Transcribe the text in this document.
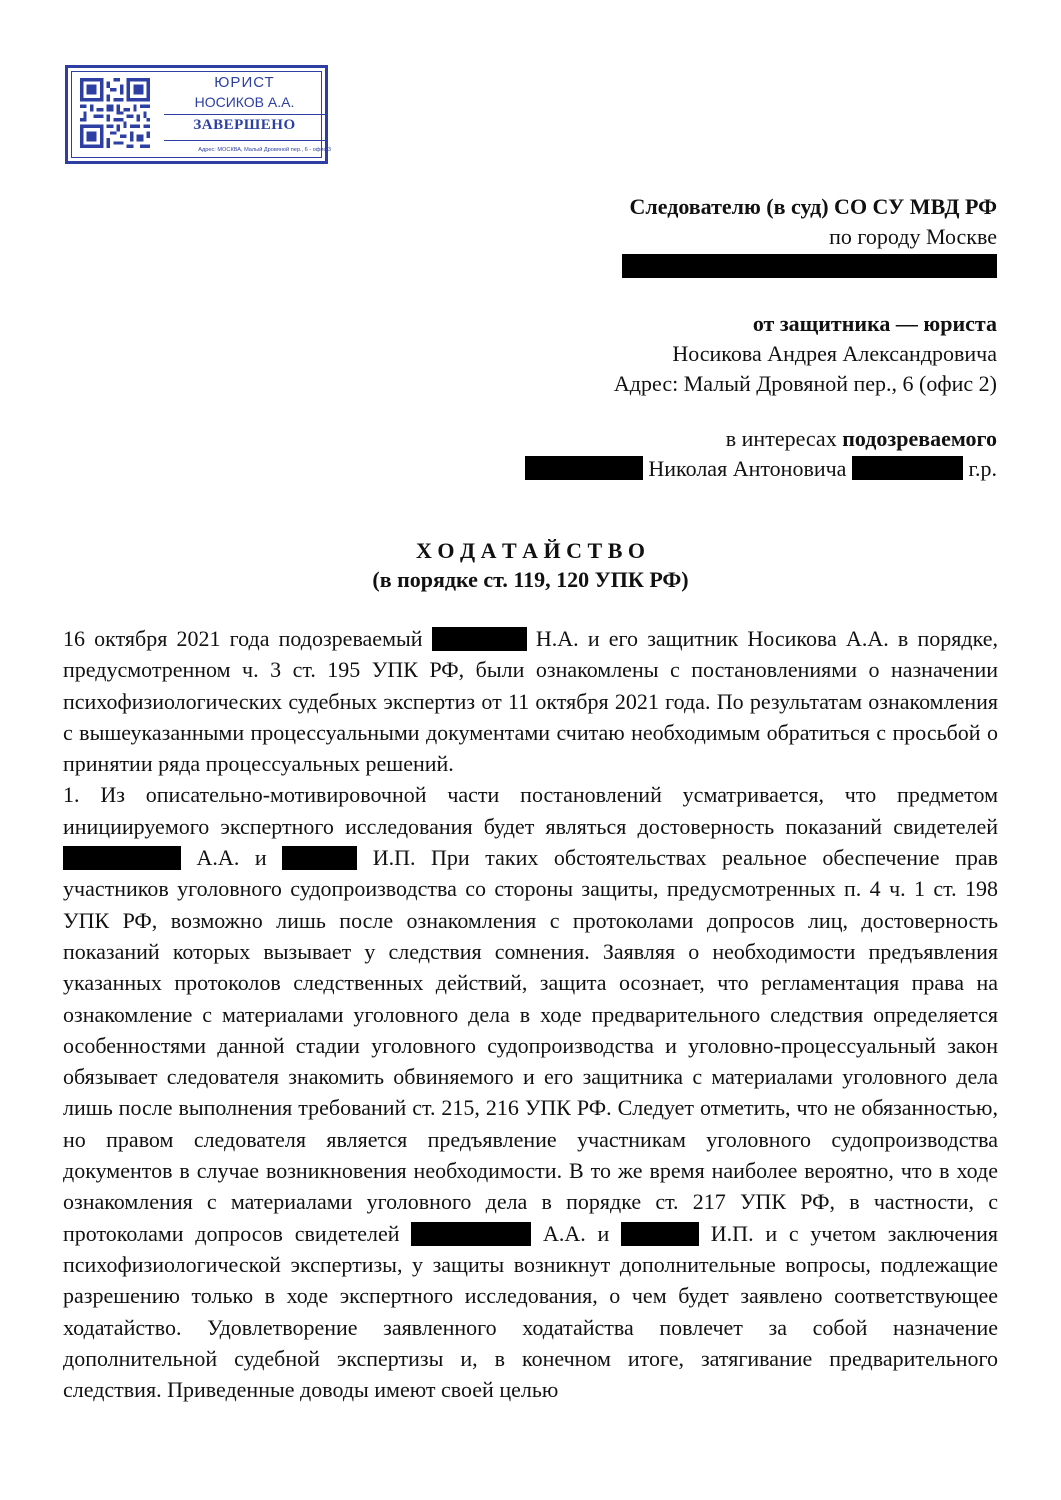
ЮРИСТ
НОСИКОВ А.А.
ЗАВЕРШЕНО
Адрес: МОСКВА, Малый Дровяной пер., 6 - офис 3
Следователю (в суд) СО СУ МВД РФ
по городу Москве
от защитника — юриста
Носикова Андрея Александровича
Адрес: Малый Дровяной пер., 6 (офис 2)
в интересах подозреваемого
Николая Антоновича	г.р.
Х О Д А Т А Й С Т В О
(в порядке ст. 119, 120 УПК РФ)

16 октября 2021 года подозреваемый	Н.А. и его защитник Носикова А.А. в порядке, предусмотренном ч. 3 ст. 195 УПК РФ, были ознакомлены с постановлениями о назначении психофизиологических судебных экспертиз от 11 октября 2021 года. По результатам ознакомления с вышеуказанными процессуальными документами считаю необходимым обратиться с просьбой о принятии ряда процессуальных решений.

1. Из описательно-мотивировочной части постановлений усматривается, что предметом инициируемого экспертного исследования будет являться достоверность показаний свидетелей  А.А. и	И.П. При таких обстоятельствах реальное обеспечение прав участников уголовного судопроизводства со стороны защиты, предусмотренных п. 4 ч. 1 ст. 198 УПК РФ, возможно лишь после ознакомления с протоколами допросов лиц, достоверность показаний которых вызывает у следствия сомнения. Заявляя о необходимости предъявления указанных протоколов следственных действий, защита осознает, что регламентация права на ознакомление с материалами уголовного дела в ходе предварительного следствия определяется особенностями данной стадии уголовного судопроизводства и уголовно-процессуальный закон обязывает следователя знакомить обвиняемого и его защитника с материалами уголовного дела лишь после выполнения требований ст. 215, 216 УПК РФ. Следует отметить, что не обязанностью, но правом следователя является предъявление участникам уголовного судопроизводства документов в случае возникновения необходимости. В то же время наиболее вероятно, что в ходе ознакомления с материалами уголовного дела в порядке ст. 217 УПК РФ, в частности, с протоколами допросов свидетелей	А.А. и	И.П. и с учетом заключения психофизиологической экспертизы, у защиты возникнут дополнительные вопросы, подлежащие разрешению только в ходе экспертного исследования, о чем будет заявлено соответствующее ходатайство. Удовлетворение заявленного ходатайства повлечет за собой назначение дополнительной судебной экспертизы и, в конечном итоге, затягивание предварительного следствия. Приведенные доводы имеют своей целью
